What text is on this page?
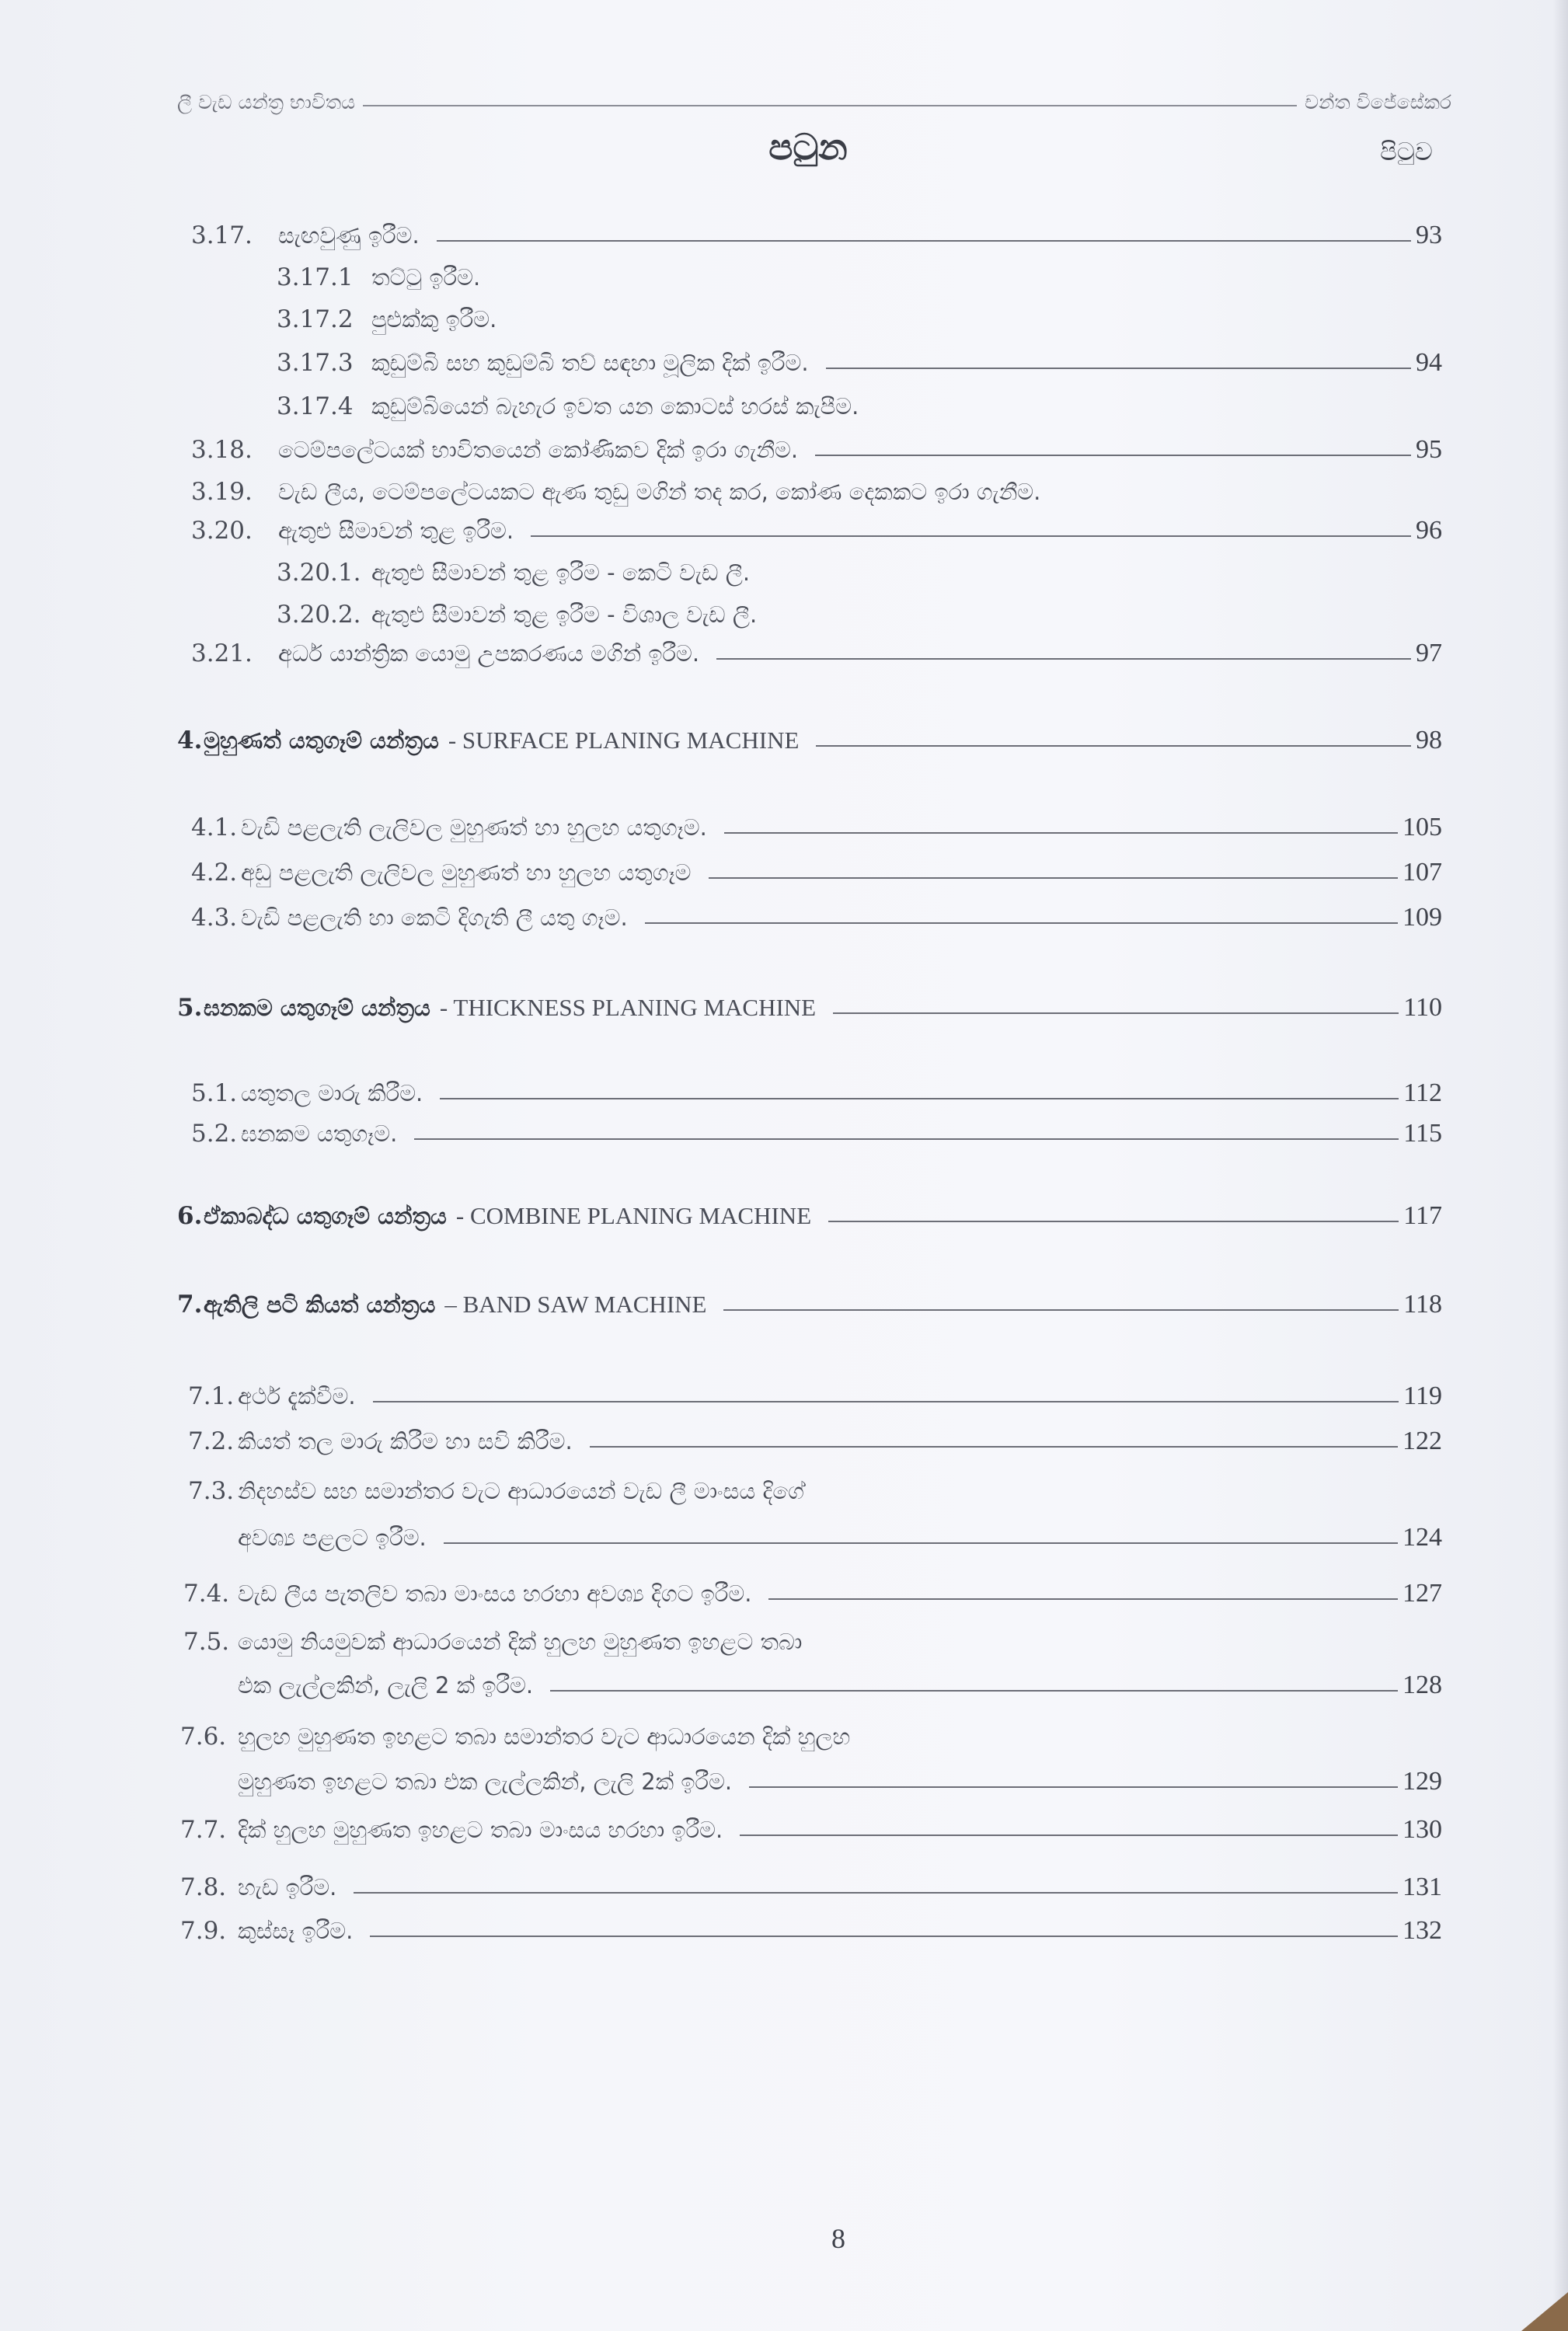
ලී වැඩ යන්ත්‍ර භාවිතය	චන්ත විජේසේකර
පටුන	පිටුව
3.17.	සැඟවුණු ඉරීම.	93
3.17.1 තට්ටු ඉරීම.
3.17.2 පුළුක්කු ඉරීම.
3.17.3 කුඩුම්බි සහ කුඩුම්බි තව් සඳහා මූලික දික් ඉරීම.	94
3.17.4 කුඩුම්බියෙන් බැහැර ඉවත යන කොටස් හරස් කැපීම.
3.18.	ටෙම්පලේටයක් භාවිතයෙන් කෝණිකව දික් ඉරා ගැනීම.	95
3.19.	වැඩ ලීය, ටෙම්පලේටයකට ඇණ තුඩු මගින් තද කර, කෝණ දෙකකට ඉරා ගැනීම.
3.20.	ඇතුළු සීමාවන් තුළ ඉරීම.	96
3.20.1. ඇතුළු සීමාවන් තුළ ඉරීම - කෙටි වැඩ ලී.
3.20.2. ඇතුළු සීමාවන් තුළ ඉරීම - විශාල වැඩ ලී.
3.21.	අර්ධ යාන්ත්‍රික යොමු උපකරණය මගින් ඉරීම.	97
4. මුහුණත් යතුගෑම් යන්ත්‍රය - SURFACE PLANING MACHINE	98
4.1. වැඩි පළලැති ලැලිවල මුහුණත් හා හුලහ යතුගෑම.	105
4.2. අඩු පළලැති ලැලිවල මුහුණත් හා හුලහ යතුගෑම	107
4.3. වැඩි පළලැති හා කෙටි දිගැති ලී යතු ගෑම.	109
5. ඝනකම යතුගෑම් යන්ත්‍රය - THICKNESS PLANING MACHINE	110
5.1. යතුතල මාරු කිරීම.	112
5.2. ඝනකම යතුගෑම.	115
6. ඒකාබද්ධ යතුගෑම් යන්ත්‍රය - COMBINE PLANING MACHINE	117
7. ඇතිලි පටි කියත් යන්ත්‍රය – BAND SAW MACHINE	118
7.1. අර්ථ දැක්වීම.	119
7.2. කියත් තල මාරු කිරීම හා සවි කිරීම.	122
7.3. නිදහස්ව සහ සමාන්තර වැට ආධාරයෙන් වැඩ ලී මාංසය දිගේ
අවශ්‍ය පළලට ඉරීම.	124
7.4. වැඩ ලීය පැතලිව තබා මාංසය හරහා අවශ්‍ය දිගට ඉරීම.	127
7.5. යොමු නියමුවක් ආධාරයෙන් දික් හුලහ මුහුණත ඉහළට තබා
එක ලැල්ලකින්, ලැලි 2 ක් ඉරීම.	128
7.6. හුලහ මුහුණත ඉහළට තබා සමාන්තර වැට ආධාරයෙන දික් හුලහ
මුහුණත ඉහළට තබා එක ලැල්ලකින්, ලැලි 2ක් ඉරීම.	129
7.7. දික් හුලහ මුහුණත ඉහළට තබා මාංසය හරහා ඉරීම.	130
7.8. හැඩ ඉරීම.	131
7.9. කුස්සෑ ඉරීම.	132
8
